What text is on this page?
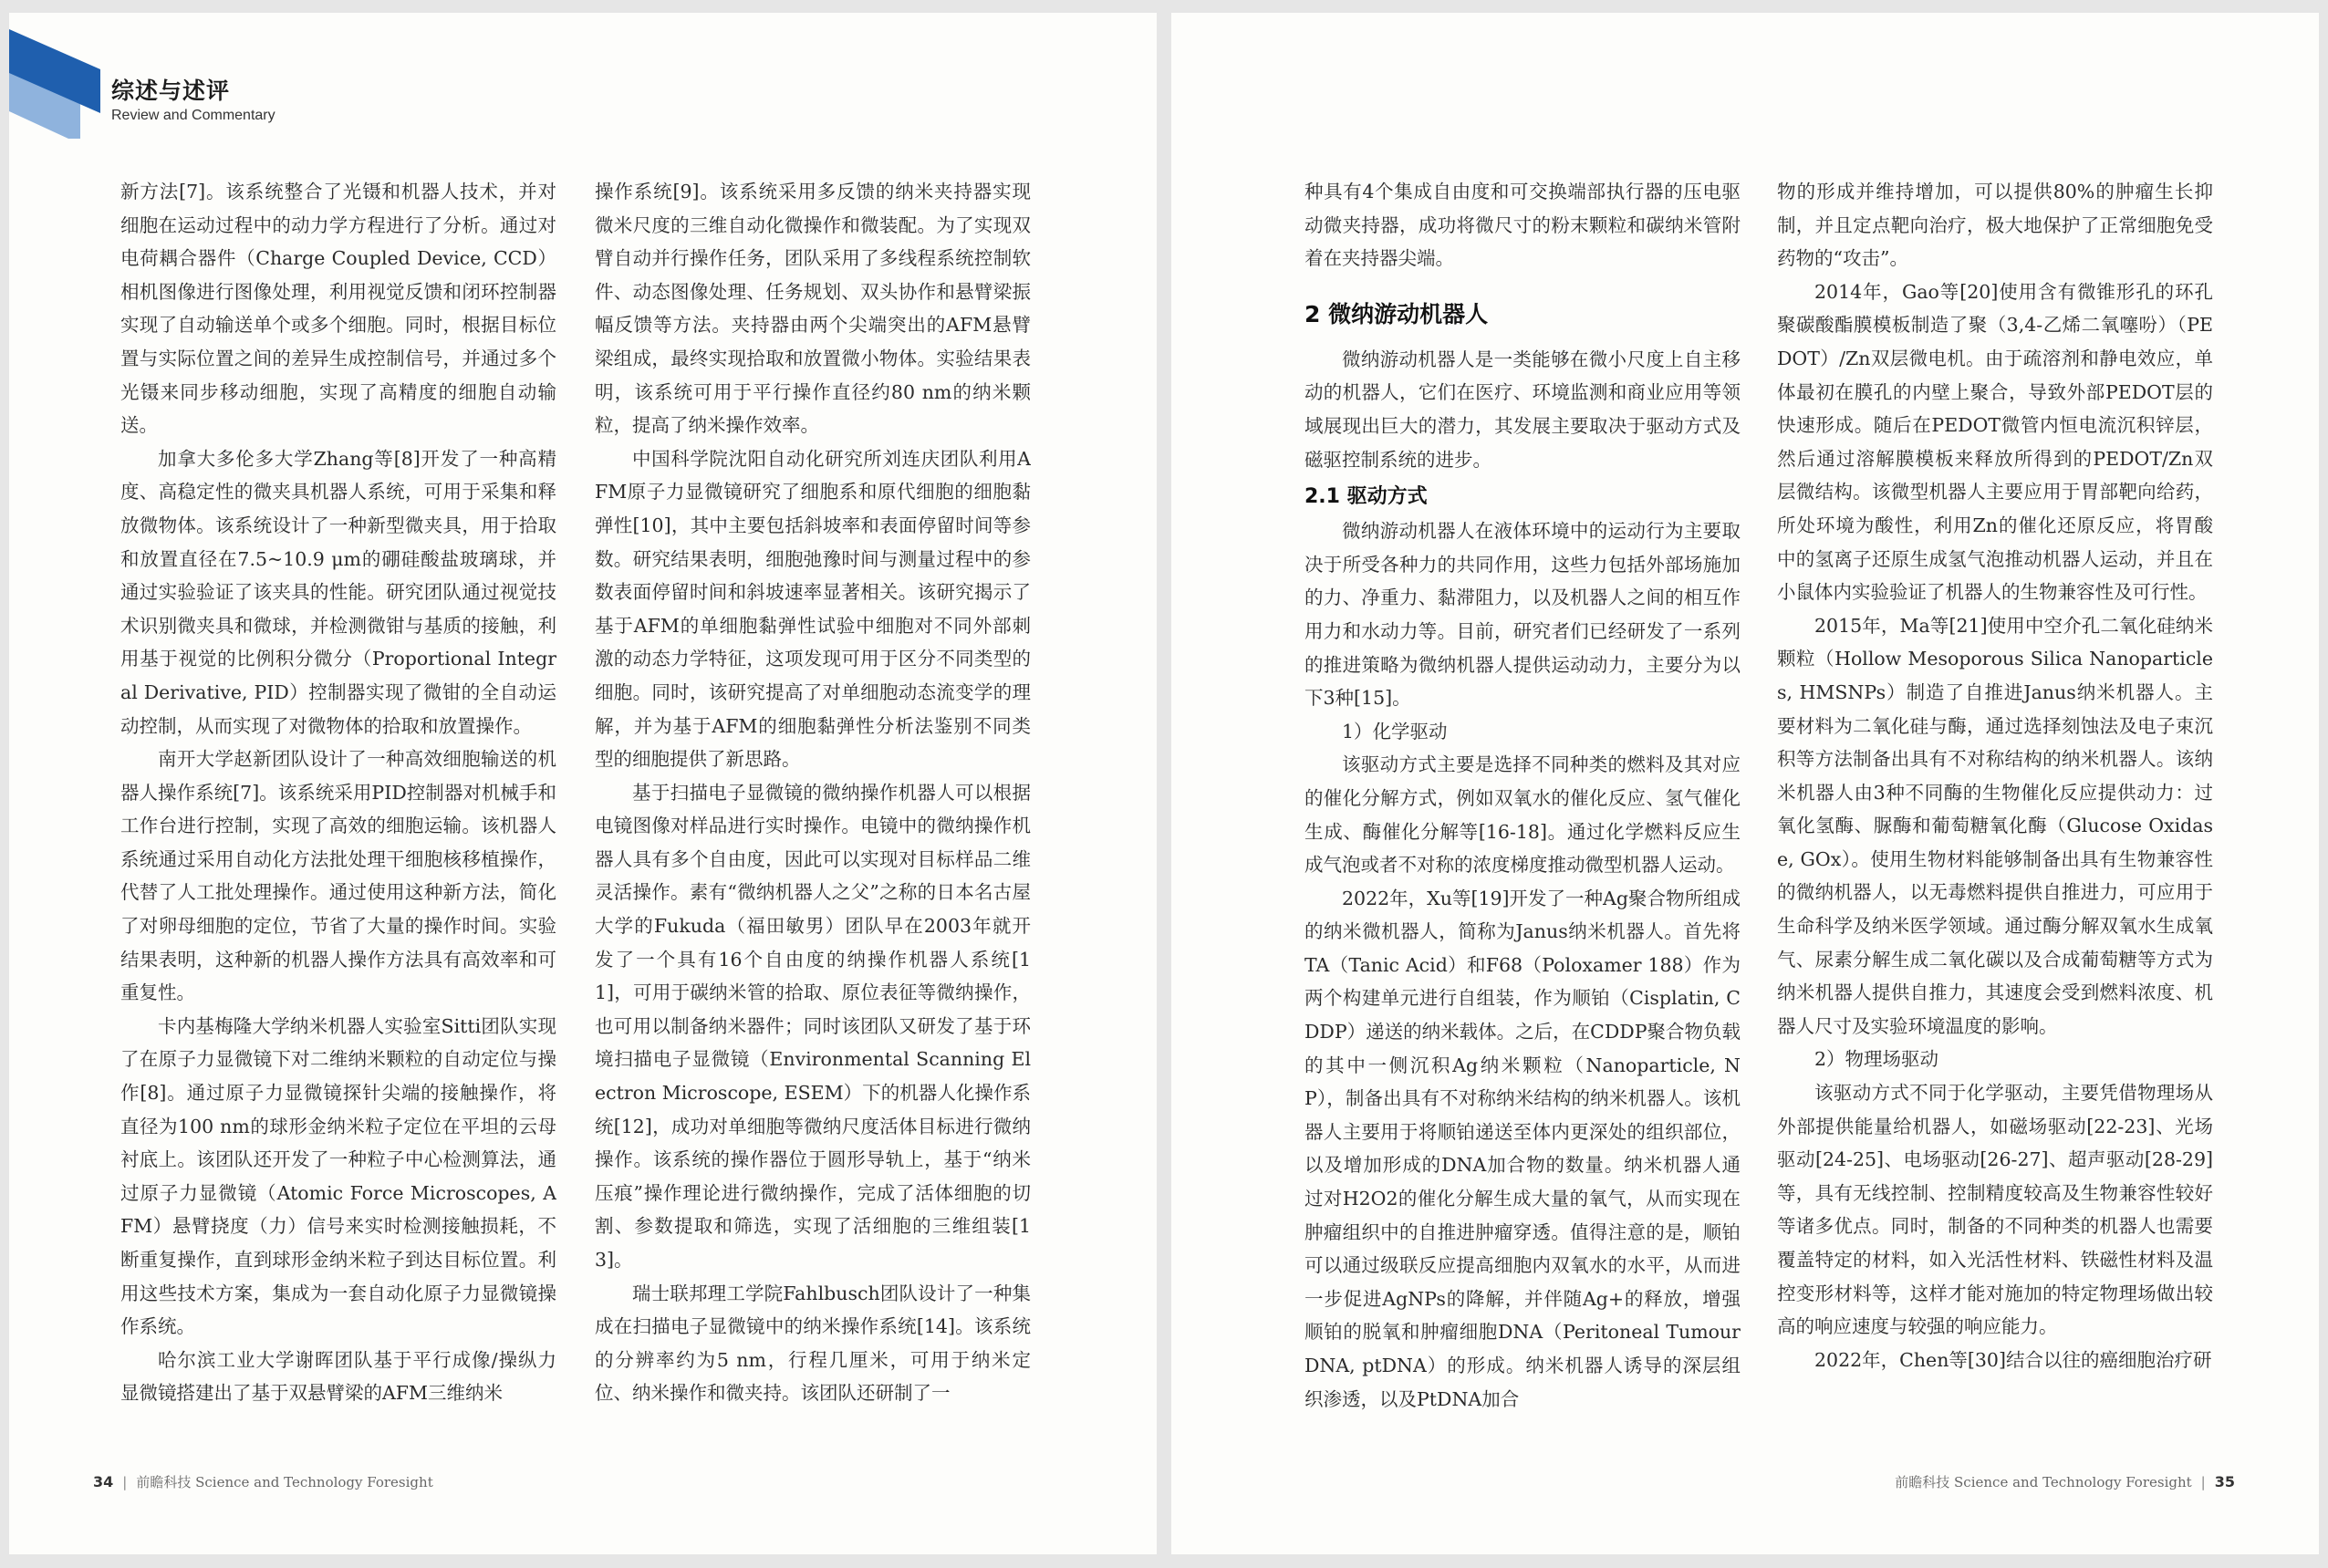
综述与述评
Review and Commentary

新方法[7]。该系统整合了光镊和机器人技术，并对细胞在运动过程中的动力学方程进行了分析。通过对电荷耦合器件（Charge Coupled Device, CCD）相机图像进行图像处理，利用视觉反馈和闭环控制器实现了自动输送单个或多个细胞。同时，根据目标位置与实际位置之间的差异生成控制信号，并通过多个光镊来同步移动细胞，实现了高精度的细胞自动输送。

加拿大多伦多大学Zhang等[8]开发了一种高精度、高稳定性的微夹具机器人系统，可用于采集和释放微物体。该系统设计了一种新型微夹具，用于拾取和放置直径在7.5~10.9 μm的硼硅酸盐玻璃球，并通过实验验证了该夹具的性能。研究团队通过视觉技术识别微夹具和微球，并检测微钳与基质的接触，利用基于视觉的比例积分微分（Proportional Integral Derivative, PID）控制器实现了微钳的全自动运动控制，从而实现了对微物体的拾取和放置操作。

南开大学赵新团队设计了一种高效细胞输送的机器人操作系统[7]。该系统采用PID控制器对机械手和工作台进行控制，实现了高效的细胞运输。该机器人系统通过采用自动化方法批处理干细胞核移植操作，代替了人工批处理操作。通过使用这种新方法，简化了对卵母细胞的定位，节省了大量的操作时间。实验结果表明，这种新的机器人操作方法具有高效率和可重复性。

卡内基梅隆大学纳米机器人实验室Sitti团队实现了在原子力显微镜下对二维纳米颗粒的自动定位与操作[8]。通过原子力显微镜探针尖端的接触操作，将直径为100 nm的球形金纳米粒子定位在平坦的云母衬底上。该团队还开发了一种粒子中心检测算法，通过原子力显微镜（Atomic Force Microscopes, AFM）悬臂挠度（力）信号来实时检测接触损耗，不断重复操作，直到球形金纳米粒子到达目标位置。利用这些技术方案，集成为一套自动化原子力显微镜操作系统。

哈尔滨工业大学谢晖团队基于平行成像/操纵力显微镜搭建出了基于双悬臂梁的AFM三维纳米

操作系统[9]。该系统采用多反馈的纳米夹持器实现微米尺度的三维自动化微操作和微装配。为了实现双臂自动并行操作任务，团队采用了多线程系统控制软件、动态图像处理、任务规划、双头协作和悬臂梁振幅反馈等方法。夹持器由两个尖端突出的AFM悬臂梁组成，最终实现拾取和放置微小物体。实验结果表明，该系统可用于平行操作直径约80 nm的纳米颗粒，提高了纳米操作效率。

中国科学院沈阳自动化研究所刘连庆团队利用AFM原子力显微镜研究了细胞系和原代细胞的细胞黏弹性[10]，其中主要包括斜坡率和表面停留时间等参数。研究结果表明，细胞弛豫时间与测量过程中的参数表面停留时间和斜坡速率显著相关。该研究揭示了基于AFM的单细胞黏弹性试验中细胞对不同外部刺激的动态力学特征，这项发现可用于区分不同类型的细胞。同时，该研究提高了对单细胞动态流变学的理解，并为基于AFM的细胞黏弹性分析法鉴别不同类型的细胞提供了新思路。

基于扫描电子显微镜的微纳操作机器人可以根据电镜图像对样品进行实时操作。电镜中的微纳操作机器人具有多个自由度，因此可以实现对目标样品二维灵活操作。素有“微纳机器人之父”之称的日本名古屋大学的Fukuda（福田敏男）团队早在2003年就开发了一个具有16个自由度的纳操作机器人系统[11]，可用于碳纳米管的拾取、原位表征等微纳操作，也可用以制备纳米器件；同时该团队又研发了基于环境扫描电子显微镜（Environmental Scanning Electron Microscope, ESEM）下的机器人化操作系统[12]，成功对单细胞等微纳尺度活体目标进行微纳操作。该系统的操作器位于圆形导轨上，基于“纳米压痕”操作理论进行微纳操作，完成了活体细胞的切割、参数提取和筛选，实现了活细胞的三维组装[13]。

瑞士联邦理工学院Fahlbusch团队设计了一种集成在扫描电子显微镜中的纳米操作系统[14]。该系统的分辨率约为5 nm，行程几厘米，可用于纳米定位、纳米操作和微夹持。该团队还研制了一

34 | 前瞻科技 Science and Technology Foresight

种具有4个集成自由度和可交换端部执行器的压电驱动微夹持器，成功将微尺寸的粉末颗粒和碳纳米管附着在夹持器尖端。

2 微纳游动机器人

微纳游动机器人是一类能够在微小尺度上自主移动的机器人，它们在医疗、环境监测和商业应用等领域展现出巨大的潜力，其发展主要取决于驱动方式及磁驱控制系统的进步。

2.1 驱动方式

微纳游动机器人在液体环境中的运动行为主要取决于所受各种力的共同作用，这些力包括外部场施加的力、净重力、黏滞阻力，以及机器人之间的相互作用力和水动力等。目前，研究者们已经研发了一系列的推进策略为微纳机器人提供运动动力，主要分为以下3种[15]。

1）化学驱动

该驱动方式主要是选择不同种类的燃料及其对应的催化分解方式，例如双氧水的催化反应、氢气催化生成、酶催化分解等[16-18]。通过化学燃料反应生成气泡或者不对称的浓度梯度推动微型机器人运动。

2022年，Xu等[19]开发了一种Ag聚合物所组成的纳米微机器人，简称为Janus纳米机器人。首先将TA（Tanic Acid）和F68（Poloxamer 188）作为两个构建单元进行自组装，作为顺铂（Cisplatin, CDDP）递送的纳米载体。之后，在CDDP聚合物负载的其中一侧沉积Ag纳米颗粒（Nanoparticle, NP），制备出具有不对称纳米结构的纳米机器人。该机器人主要用于将顺铂递送至体内更深处的组织部位，以及增加形成的DNA加合物的数量。纳米机器人通过对H2O2的催化分解生成大量的氧气，从而实现在肿瘤组织中的自推进肿瘤穿透。值得注意的是，顺铂可以通过级联反应提高细胞内双氧水的水平，从而进一步促进AgNPs的降解，并伴随Ag+的释放，增强顺铂的脱氧和肿瘤细胞DNA（Peritoneal Tumour DNA, ptDNA）的形成。纳米机器人诱导的深层组织渗透，以及PtDNA加合

物的形成并维持增加，可以提供80%的肿瘤生长抑制，并且定点靶向治疗，极大地保护了正常细胞免受药物的“攻击”。

2014年，Gao等[20]使用含有微锥形孔的环孔聚碳酸酯膜模板制造了聚（3,4-乙烯二氧噻吩）（PEDOT）/Zn双层微电机。由于疏溶剂和静电效应，单体最初在膜孔的内壁上聚合，导致外部PEDOT层的快速形成。随后在PEDOT微管内恒电流沉积锌层，然后通过溶解膜模板来释放所得到的PEDOT/Zn双层微结构。该微型机器人主要应用于胃部靶向给药，所处环境为酸性，利用Zn的催化还原反应，将胃酸中的氢离子还原生成氢气泡推动机器人运动，并且在小鼠体内实验验证了机器人的生物兼容性及可行性。

2015年，Ma等[21]使用中空介孔二氧化硅纳米颗粒（Hollow Mesoporous Silica Nanoparticles, HMSNPs）制造了自推进Janus纳米机器人。主要材料为二氧化硅与酶，通过选择刻蚀法及电子束沉积等方法制备出具有不对称结构的纳米机器人。该纳米机器人由3种不同酶的生物催化反应提供动力：过氧化氢酶、脲酶和葡萄糖氧化酶（Glucose Oxidase, GOx）。使用生物材料能够制备出具有生物兼容性的微纳机器人，以无毒燃料提供自推进力，可应用于生命科学及纳米医学领域。通过酶分解双氧水生成氧气、尿素分解生成二氧化碳以及合成葡萄糖等方式为纳米机器人提供自推力，其速度会受到燃料浓度、机器人尺寸及实验环境温度的影响。

2）物理场驱动

该驱动方式不同于化学驱动，主要凭借物理场从外部提供能量给机器人，如磁场驱动[22-23]、光场驱动[24-25]、电场驱动[26-27]、超声驱动[28-29]等，具有无线控制、控制精度较高及生物兼容性较好等诸多优点。同时，制备的不同种类的机器人也需要覆盖特定的材料，如入光活性材料、铁磁性材料及温控变形材料等，这样才能对施加的特定物理场做出较高的响应速度与较强的响应能力。

2022年，Chen等[30]结合以往的癌细胞治疗研

前瞻科技 Science and Technology Foresight | 35
